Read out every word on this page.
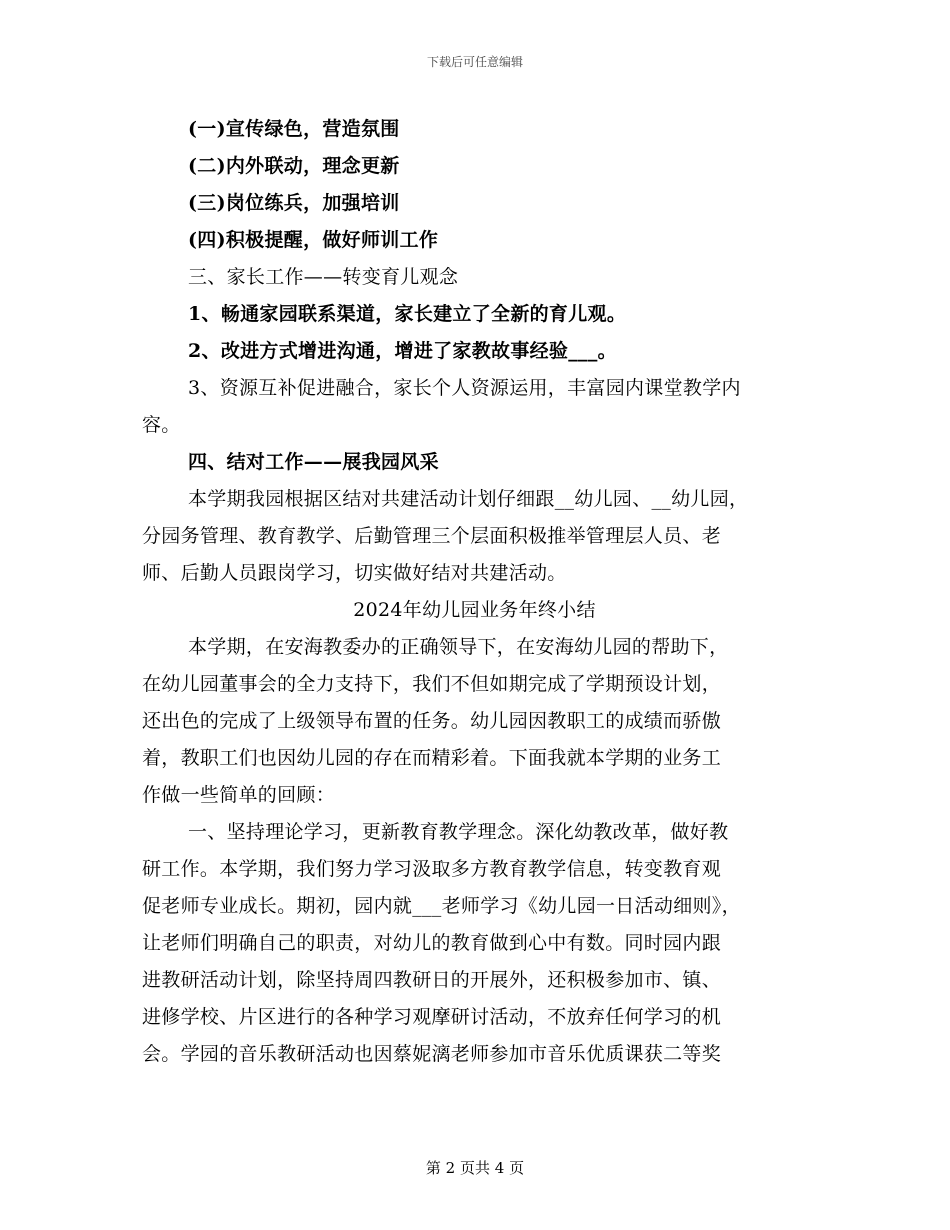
下载后可任意编辑
(一)宣传绿色，营造氛围
(二)内外联动，理念更新
(三)岗位练兵，加强培训
(四)积极提醒，做好师训工作
三、家长工作——转变育儿观念
1、畅通家园联系渠道，家长建立了全新的育儿观。
2、改进方式增进沟通，增进了家教故事经验___。
3、资源互补促进融合，家长个人资源运用，丰富园内课堂教学内
容。
四、结对工作——展我园风采
本学期我园根据区结对共建活动计划仔细跟__幼儿园、__幼儿园，
分园务管理、教育教学、后勤管理三个层面积极推举管理层人员、老
师、后勤人员跟岗学习，切实做好结对共建活动。
2024年幼儿园业务年终小结
本学期，在安海教委办的正确领导下，在安海幼儿园的帮助下，
在幼儿园董事会的全力支持下，我们不但如期完成了学期预设计划，
还出色的完成了上级领导布置的任务。幼儿园因教职工的成绩而骄傲
着，教职工们也因幼儿园的存在而精彩着。下面我就本学期的业务工
作做一些简单的回顾：
一、坚持理论学习，更新教育教学理念。深化幼教改革，做好教
研工作。本学期，我们努力学习汲取多方教育教学信息，转变教育观
促老师专业成长。期初，园内就___老师学习《幼儿园一日活动细则》，
让老师们明确自己的职责，对幼儿的教育做到心中有数。同时园内跟
进教研活动计划，除坚持周四教研日的开展外，还积极参加市、镇、
进修学校、片区进行的各种学习观摩研讨活动，不放弃任何学习的机
会。学园的音乐教研活动也因蔡妮漓老师参加市音乐优质课获二等奖
第 2 页共 4 页
